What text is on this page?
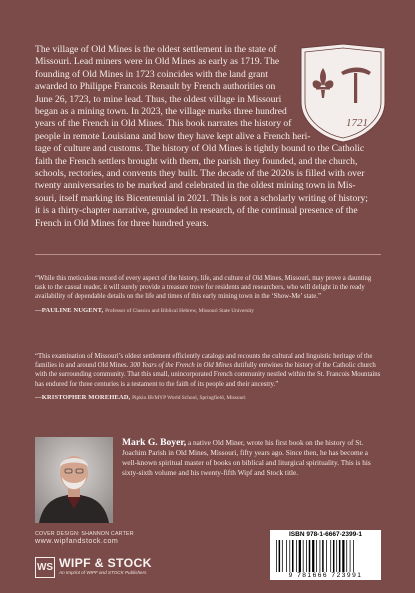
The village of Old Mines is the oldest settlement in the state of
Missouri. Lead miners were in Old Mines as early as 1719. The
founding of Old Mines in 1723 coincides with the land grant
awarded to Philippe Francois Renault by French authorities on
June 26, 1723, to mine lead. Thus, the oldest village in Missouri
began as a mining town. In 2023, the village marks three hundred
years of the French in Old Mines. This book narrates the history of
people in remote Louisiana and how they have kept alive a French heri-
tage of culture and customs. The history of Old Mines is tightly bound to the Catholic
faith the French settlers brought with them, the parish they founded, and the church,
schools, rectories, and convents they built. The decade of the 2020s is filled with over
twenty anniversaries to be marked and celebrated in the oldest mining town in Mis-
souri, itself marking its Bicentennial in 2021. This is not a scholarly writing of history;
it is a thirty-chapter narrative, grounded in research, of the continual presence of the
French in Old Mines for three hundred years.
1721
“While this meticulous record of every aspect of the history, life, and culture of Old Mines, Missouri, may prove a daunting task to the casual reader, it will surely provide a treasure trove for residents and researchers, who will delight in the ready availability of dependable details on the life and times of this early mining town in the ‘Show-Me’ state.”
—PAULINE NUGENT, Professor of Classics and Biblical Hebrew, Missouri State University
“This examination of Missouri’s oldest settlement efficiently catalogs and recounts the cultural and linguistic heritage of the families in and around Old Mines. 300 Years of the French in Old Mines dutifully entwines the history of the Catholic church with the surrounding community. That this small, unincorporated French community nestled within the St. Francois Mountains has endured for three centuries is a testament to the faith of its people and their ancestry.”
—KRISTOPHER MOREHEAD, Pipkin IB/MYP World School, Springfield, Missouri
Mark G. Boyer, a native Old Miner, wrote his first book on the history of St. Joachim Parish in Old Mines, Missouri, fifty years ago. Since then, he has become a well-known spiritual master of books on biblical and liturgical spirituality. This is his sixty-sixth volume and his twenty-fifth Wipf and Stock title.
COVER DESIGN: SHANNON CARTER
www.wipfandstock.com
WS WIPF & STOCK
An Imprint of WIPF and STOCK Publishers
ISBN 978-1-6667-2399-1
9 781666 723991
